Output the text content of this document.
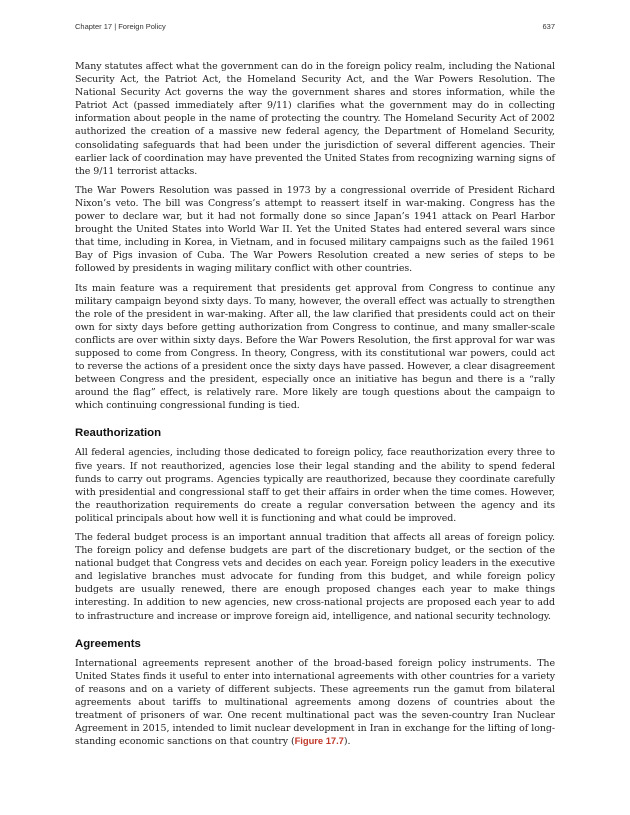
Chapter 17 | Foreign Policy	637

Many statutes affect what the government can do in the foreign policy realm, including the National Security Act, the Patriot Act, the Homeland Security Act, and the War Powers Resolution. The National Security Act governs the way the government shares and stores information, while the Patriot Act (passed immediately after 9/11) clarifies what the government may do in collecting information about people in the name of protecting the country. The Homeland Security Act of 2002 authorized the creation of a massive new federal agency, the Department of Homeland Security, consolidating safeguards that had been under the jurisdiction of several different agencies. Their earlier lack of coordination may have prevented the United States from recognizing warning signs of the 9/11 terrorist attacks.

The War Powers Resolution was passed in 1973 by a congressional override of President Richard Nixon’s veto. The bill was Congress’s attempt to reassert itself in war-making. Congress has the power to declare war, but it had not formally done so since Japan’s 1941 attack on Pearl Harbor brought the United States into World War II. Yet the United States had entered several wars since that time, including in Korea, in Vietnam, and in focused military campaigns such as the failed 1961 Bay of Pigs invasion of Cuba. The War Powers Resolution created a new series of steps to be followed by presidents in waging military conflict with other countries.

Its main feature was a requirement that presidents get approval from Congress to continue any military campaign beyond sixty days. To many, however, the overall effect was actually to strengthen the role of the president in war-making. After all, the law clarified that presidents could act on their own for sixty days before getting authorization from Congress to continue, and many smaller-scale conflicts are over within sixty days. Before the War Powers Resolution, the first approval for war was supposed to come from Congress. In theory, Congress, with its constitutional war powers, could act to reverse the actions of a president once the sixty days have passed. However, a clear disagreement between Congress and the president, especially once an initiative has begun and there is a “rally around the flag” effect, is relatively rare. More likely are tough questions about the campaign to which continuing congressional funding is tied.

Reauthorization

All federal agencies, including those dedicated to foreign policy, face reauthorization every three to five years. If not reauthorized, agencies lose their legal standing and the ability to spend federal funds to carry out programs. Agencies typically are reauthorized, because they coordinate carefully with presidential and congressional staff to get their affairs in order when the time comes. However, the reauthorization requirements do create a regular conversation between the agency and its political principals about how well it is functioning and what could be improved.

The federal budget process is an important annual tradition that affects all areas of foreign policy. The foreign policy and defense budgets are part of the discretionary budget, or the section of the national budget that Congress vets and decides on each year. Foreign policy leaders in the executive and legislative branches must advocate for funding from this budget, and while foreign policy budgets are usually renewed, there are enough proposed changes each year to make things interesting. In addition to new agencies, new cross-national projects are proposed each year to add to infrastructure and increase or improve foreign aid, intelligence, and national security technology.

Agreements

International agreements represent another of the broad-based foreign policy instruments. The United States finds it useful to enter into international agreements with other countries for a variety of reasons and on a variety of different subjects. These agreements run the gamut from bilateral agreements about tariffs to multinational agreements among dozens of countries about the treatment of prisoners of war. One recent multinational pact was the seven-country Iran Nuclear Agreement in 2015, intended to limit nuclear development in Iran in exchange for the lifting of long-standing economic sanctions on that country (Figure 17.7).
